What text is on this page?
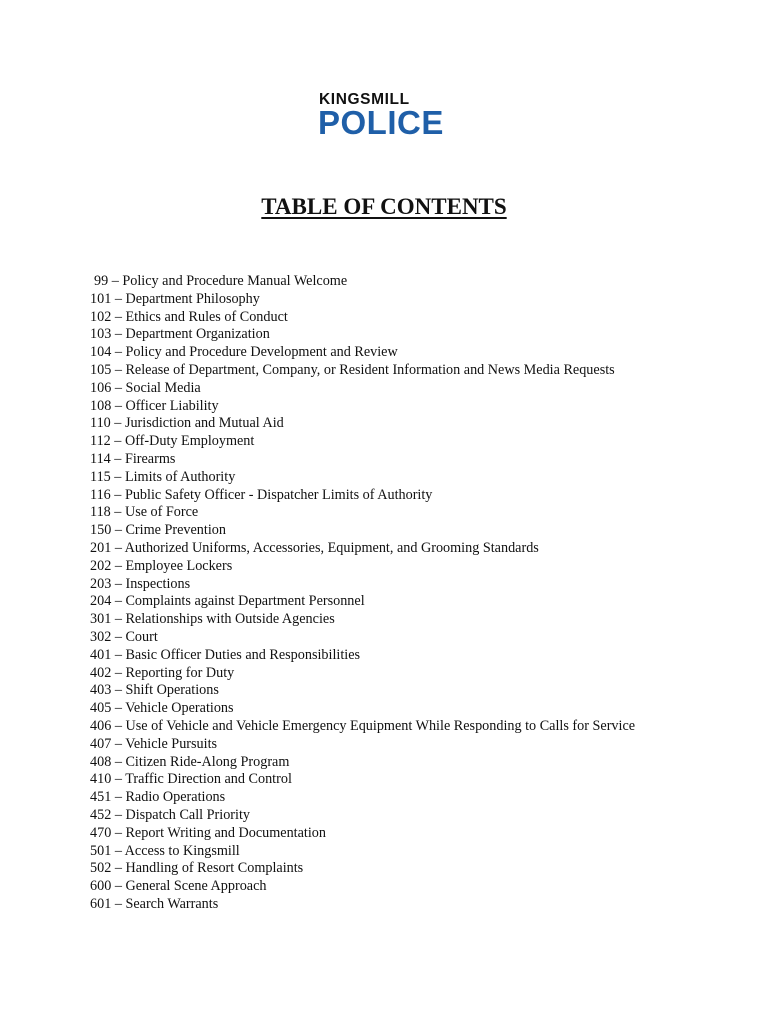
KINGSMILL
POLICE
TABLE OF CONTENTS
99 – Policy and Procedure Manual Welcome
101 – Department Philosophy
102 – Ethics and Rules of Conduct
103 – Department Organization
104 – Policy and Procedure Development and Review
105 – Release of Department, Company, or Resident Information and News Media Requests
106 – Social Media
108 – Officer Liability
110 – Jurisdiction and Mutual Aid
112 – Off-Duty Employment
114 – Firearms
115 – Limits of Authority
116 – Public Safety Officer - Dispatcher Limits of Authority
118 – Use of Force
150 – Crime Prevention
201 – Authorized Uniforms, Accessories, Equipment, and Grooming Standards
202 – Employee Lockers
203 – Inspections
204 – Complaints against Department Personnel
301 – Relationships with Outside Agencies
302 – Court
401 – Basic Officer Duties and Responsibilities
402 – Reporting for Duty
403 – Shift Operations
405 – Vehicle Operations
406 – Use of Vehicle and Vehicle Emergency Equipment While Responding to Calls for Service
407 – Vehicle Pursuits
408 – Citizen Ride-Along Program
410 – Traffic Direction and Control
451 – Radio Operations
452 – Dispatch Call Priority
470 – Report Writing and Documentation
501 – Access to Kingsmill
502 – Handling of Resort Complaints
600 – General Scene Approach
601 – Search Warrants
